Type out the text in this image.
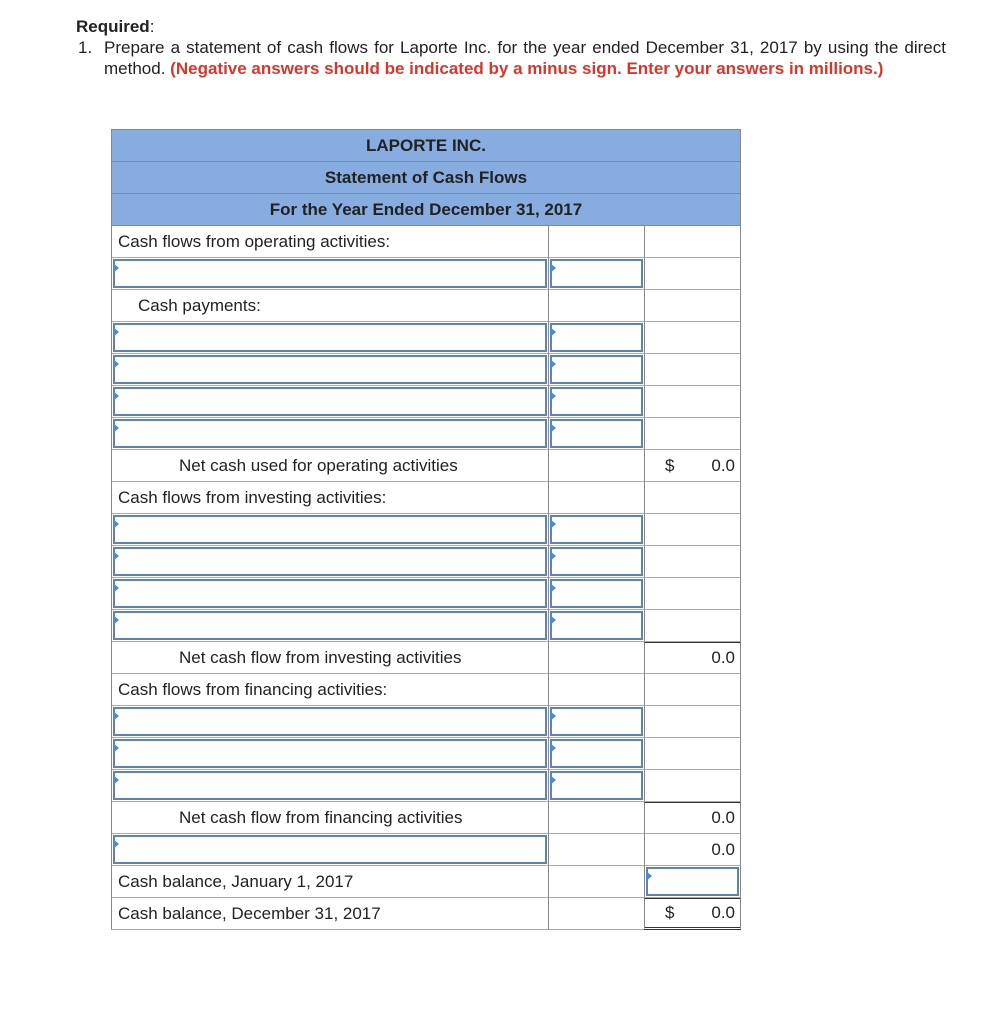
Required:
1. Prepare a statement of cash flows for Laporte Inc. for the year ended December 31, 2017 by using the direct method. (Negative answers should be indicated by a minus sign. Enter your answers in millions.)
LAPORTE INC.
Statement of Cash Flows
For the Year Ended December 31, 2017
Cash flows from operating activities:
Cash payments:
Net cash used for operating activities	$ 0.0
Cash flows from investing activities:
Net cash flow from investing activities	0.0
Cash flows from financing activities:
Net cash flow from financing activities	0.0
0.0
Cash balance, January 1, 2017
Cash balance, December 31, 2017	$ 0.0
